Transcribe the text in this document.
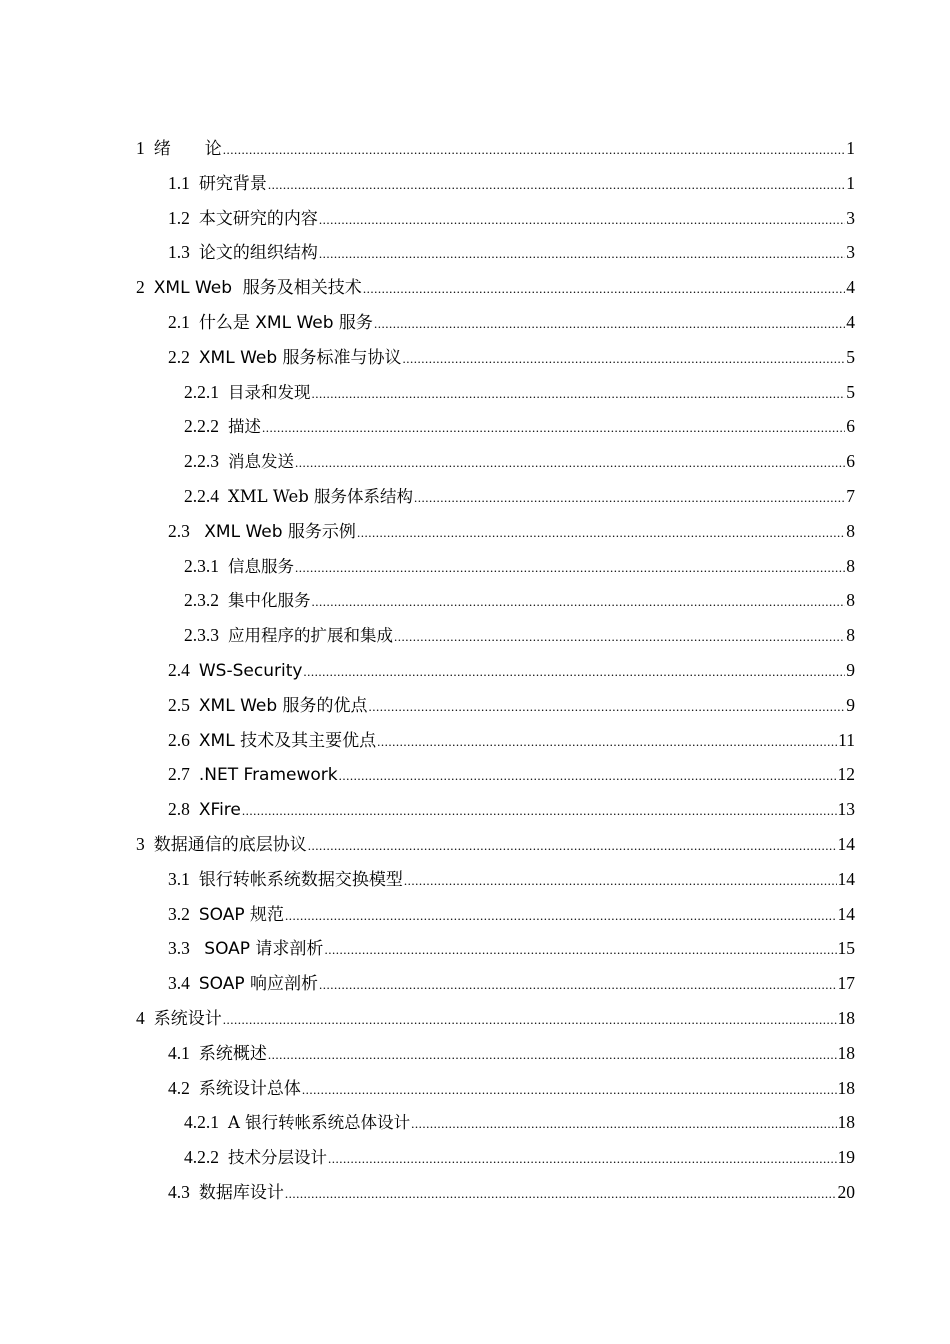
1 绪　　论 .....	1
1.1 研究背景 .....	1
1.2 本文研究的内容 .....	3
1.3 论文的组织结构 .....	3
2 XML Web  服务及相关技术 .....	4
2.1 什么是 XML Web 服务 .....	4
2.2 XML Web 服务标准与协议 .....	5
2.2.1 目录和发现 .....	5
2.2.2 描述 .....	6
2.2.3 消息发送 .....	6
2.2.4 XML Web 服务体系结构 .....	7
2.3 XML Web 服务示例 .....	8
2.3.1 信息服务 .....	8
2.3.2 集中化服务 .....	8
2.3.3 应用程序的扩展和集成 .....	8
2.4 WS-Security .....	9
2.5 XML Web 服务的优点 .....	9
2.6 XML 技术及其主要优点 .....	11
2.7 .NET Framework .....	12
2.8 XFire .....	13
3 数据通信的底层协议 .....	14
3.1 银行转帐系统数据交换模型 .....	14
3.2 SOAP 规范 .....	14
3.3 SOAP 请求剖析 .....	15
3.4 SOAP 响应剖析 .....	17
4 系统设计 .....	18
4.1 系统概述 .....	18
4.2 系统设计总体 .....	18
4.2.1 A 银行转帐系统总体设计 .....	18
4.2.2 技术分层设计 .....	19
4.3 数据库设计 .....	20
